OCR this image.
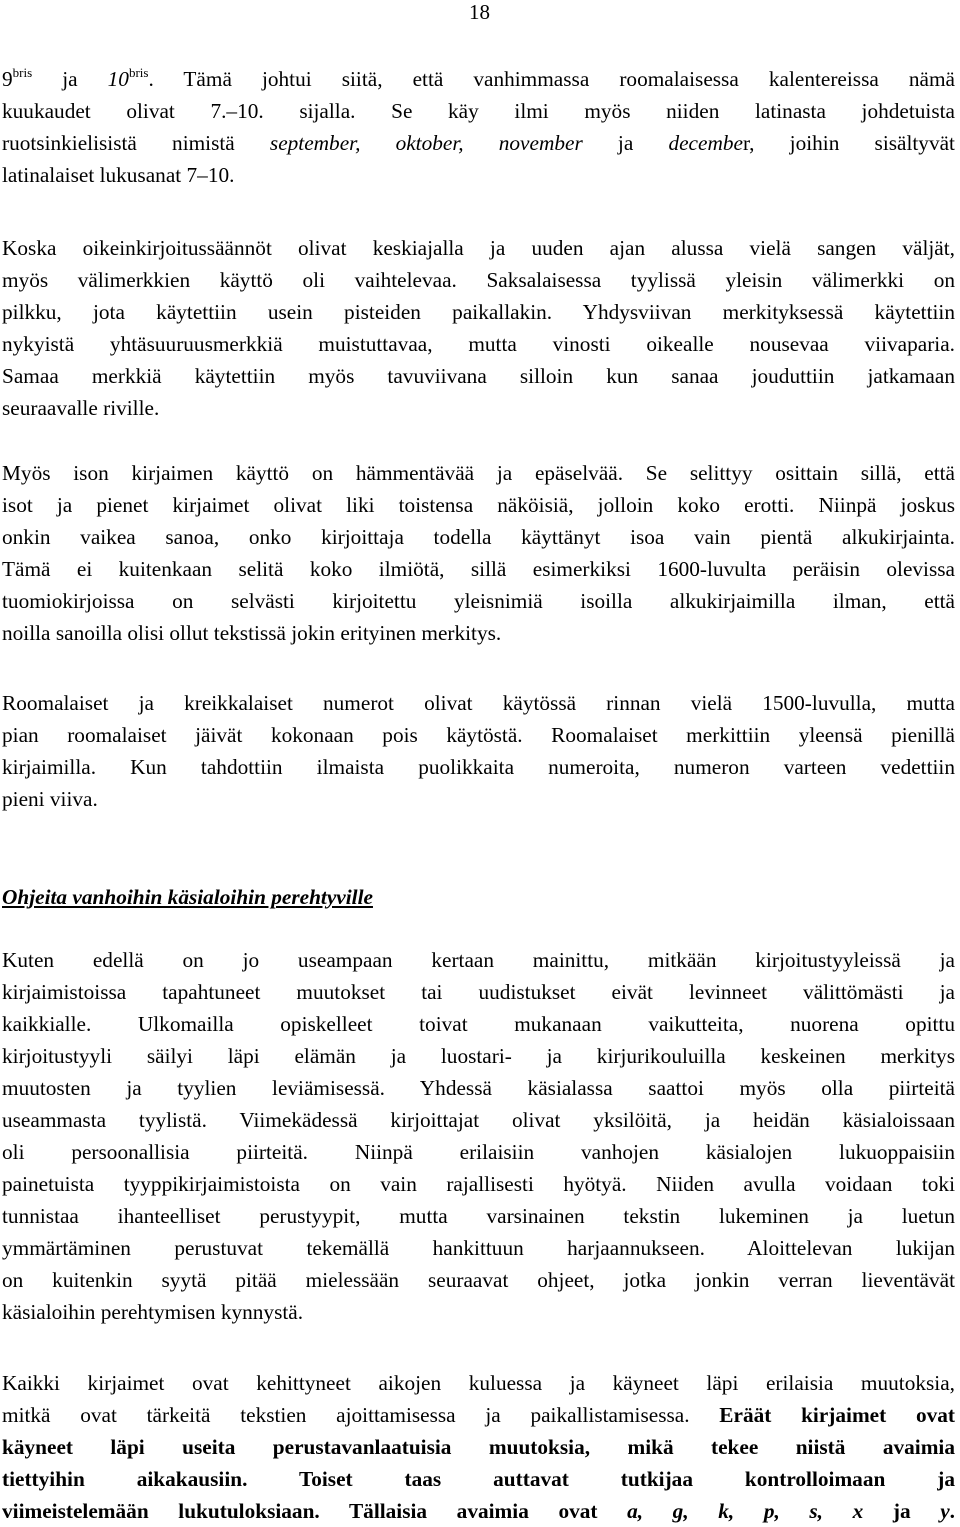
18
$9^{bris}$ ja $10^{bris}$. Tämä johtui siitä, että vanhimmassa roomalaisessa kalentereissa nämä
kuukaudet olivat 7.–10. sijalla. Se käy ilmi myös niiden latinasta johdetuista
ruotsinkielisistä nimistä september, oktober, november ja december, joihin sisältyvät
latinalaiset lukusanat 7–10.
Koska oikeinkirjoitussäännöt olivat keskiajalla ja uuden ajan alussa vielä sangen väljät,
myös välimerkkien käyttö oli vaihtelevaa. Saksalaisessa tyylissä yleisin välimerkki on
pilkku, jota käytettiin usein pisteiden paikallakin. Yhdysviivan merkityksessä käytettiin
nykyistä yhtäsuuruusmerkkiä muistuttavaa, mutta vinosti oikealle nousevaa viivaparia.
Samaa merkkiä käytettiin myös tavuviivana silloin kun sanaa jouduttiin jatkamaan
seuraavalle riville.
Myös ison kirjaimen käyttö on hämmentävää ja epäselvää. Se selittyy osittain sillä, että
isot ja pienet kirjaimet olivat liki toistensa näköisiä, jolloin koko erotti. Niinpä joskus
onkin vaikea sanoa, onko kirjoittaja todella käyttänyt isoa vain pientä alkukirjainta.
Tämä ei kuitenkaan selitä koko ilmiötä, sillä esimerkiksi 1600-luvulta peräisin olevissa
tuomiokirjoissa on selvästi kirjoitettu yleisnimiä isoilla alkukirjaimilla ilman, että
noilla sanoilla olisi ollut tekstissä jokin erityinen merkitys.
Roomalaiset ja kreikkalaiset numerot olivat käytössä rinnan vielä 1500-luvulla, mutta
pian roomalaiset jäivät kokonaan pois käytöstä. Roomalaiset merkittiin yleensä pienillä
kirjaimilla. Kun tahdottiin ilmaista puolikkaita numeroita, numeron varteen vedettiin
pieni viiva.
Ohjeita vanhoihin käsialoihin perehtyville
Kuten edellä on jo useampaan kertaan mainittu, mitkään kirjoitustyyleissä ja
kirjaimistoissa tapahtuneet muutokset tai uudistukset eivät levinneet välittömästi ja
kaikkialle. Ulkomailla opiskelleet toivat mukanaan vaikutteita, nuorena opittu
kirjoitustyyli säilyi läpi elämän ja luostari- ja kirjurikouluilla keskeinen merkitys
muutosten ja tyylien leviämisessä. Yhdessä käsialassa saattoi myös olla piirteitä
useammasta tyylistä. Viimekädessä kirjoittajat olivat yksilöitä, ja heidän käsialoissaan
oli persoonallisia piirteitä. Niinpä erilaisiin vanhojen käsialojen lukuoppaisiin
painetuista tyyppikirjaimistoista on vain rajallisesti hyötyä. Niiden avulla voidaan toki
tunnistaa ihanteelliset perustyypit, mutta varsinainen tekstin lukeminen ja luetun
ymmärtäminen perustuvat tekemällä hankittuun harjaannukseen. Aloittelevan lukijan
on kuitenkin syytä pitää mielessään seuraavat ohjeet, jotka jonkin verran lieventävät
käsialoihin perehtymisen kynnystä.
Kaikki kirjaimet ovat kehittyneet aikojen kuluessa ja käyneet läpi erilaisia muutoksia,
mitkä ovat tärkeitä tekstien ajoittamisessa ja paikallistamisessa. Eräät kirjaimet ovat
käyneet läpi useita perustavanlaatuisia muutoksia, mikä tekee niistä avaimia
tiettyihin aikakausiin. Toiset taas auttavat tutkijaa kontrolloimaan ja
viimeistelemään lukutuloksiaan. Tällaisia avaimia ovat a, g, k, p, s, x ja y.
